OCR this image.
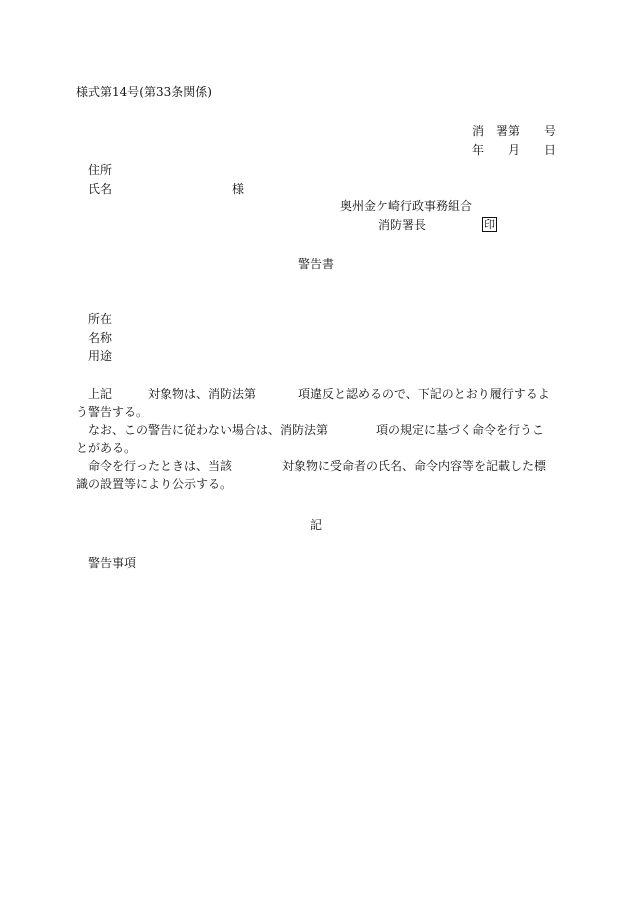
様式第14号(第33条関係)
消 署第 号
年 月 日
住所
氏名	様
奥州金ケ崎行政事務組合
消防署長	印
警告書
所在
名称
用途

上記	対象物は、消防法第	項違反と認めるので、下記のとおり履行するよう警告する。

なお、この警告に従わない場合は、消防法第	項の規定に基づく命令を行うことがある。

命令を行ったときは、当該	対象物に受命者の氏名、命令内容等を記載した標識の設置等により公示する。

記
警告事項
